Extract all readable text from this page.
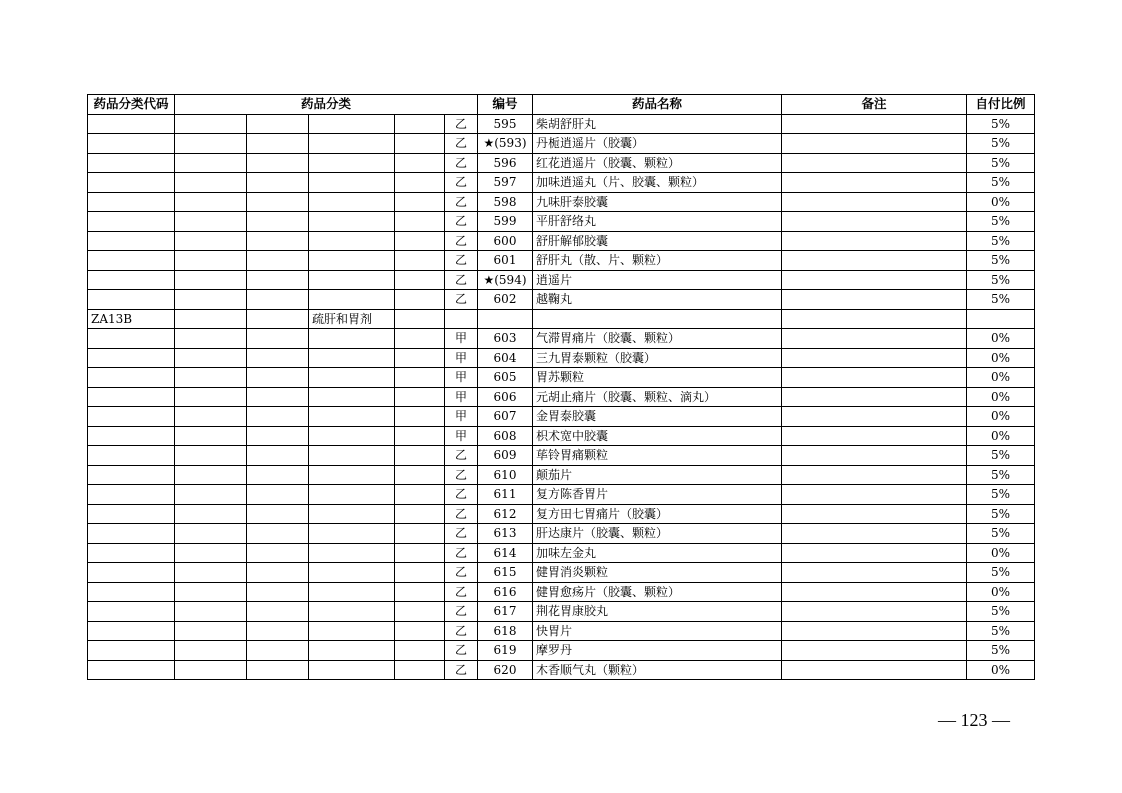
药品分类代码	药品分类					编号	药品名称	备注	自付比例
					乙	595	柴胡舒肝丸		5%
					乙	★(593)	丹栀逍遥片（胶囊）		5%
					乙	596	红花逍遥片（胶囊、颗粒）		5%
					乙	597	加味逍遥丸（片、胶囊、颗粒）		5%
					乙	598	九味肝泰胶囊		0%
					乙	599	平肝舒络丸		5%
					乙	600	舒肝解郁胶囊		5%
					乙	601	舒肝丸（散、片、颗粒）		5%
					乙	★(594)	逍遥片		5%
					乙	602	越鞠丸		5%
ZA13B			疏肝和胃剂						
					甲	603	气滞胃痛片（胶囊、颗粒）		0%
					甲	604	三九胃泰颗粒（胶囊）		0%
					甲	605	胃苏颗粒		0%
					甲	606	元胡止痛片（胶囊、颗粒、滴丸）		0%
					甲	607	金胃泰胶囊		0%
					甲	608	枳术宽中胶囊		0%
					乙	609	荜铃胃痛颗粒		5%
					乙	610	颠茄片		5%
					乙	611	复方陈香胃片		5%
					乙	612	复方田七胃痛片（胶囊）		5%
					乙	613	肝达康片（胶囊、颗粒）		5%
					乙	614	加味左金丸		0%
					乙	615	健胃消炎颗粒		5%
					乙	616	健胃愈疡片（胶囊、颗粒）		0%
					乙	617	荆花胃康胶丸		5%
					乙	618	快胃片		5%
					乙	619	摩罗丹		5%
					乙	620	木香顺气丸（颗粒）		0%
— 123 —
